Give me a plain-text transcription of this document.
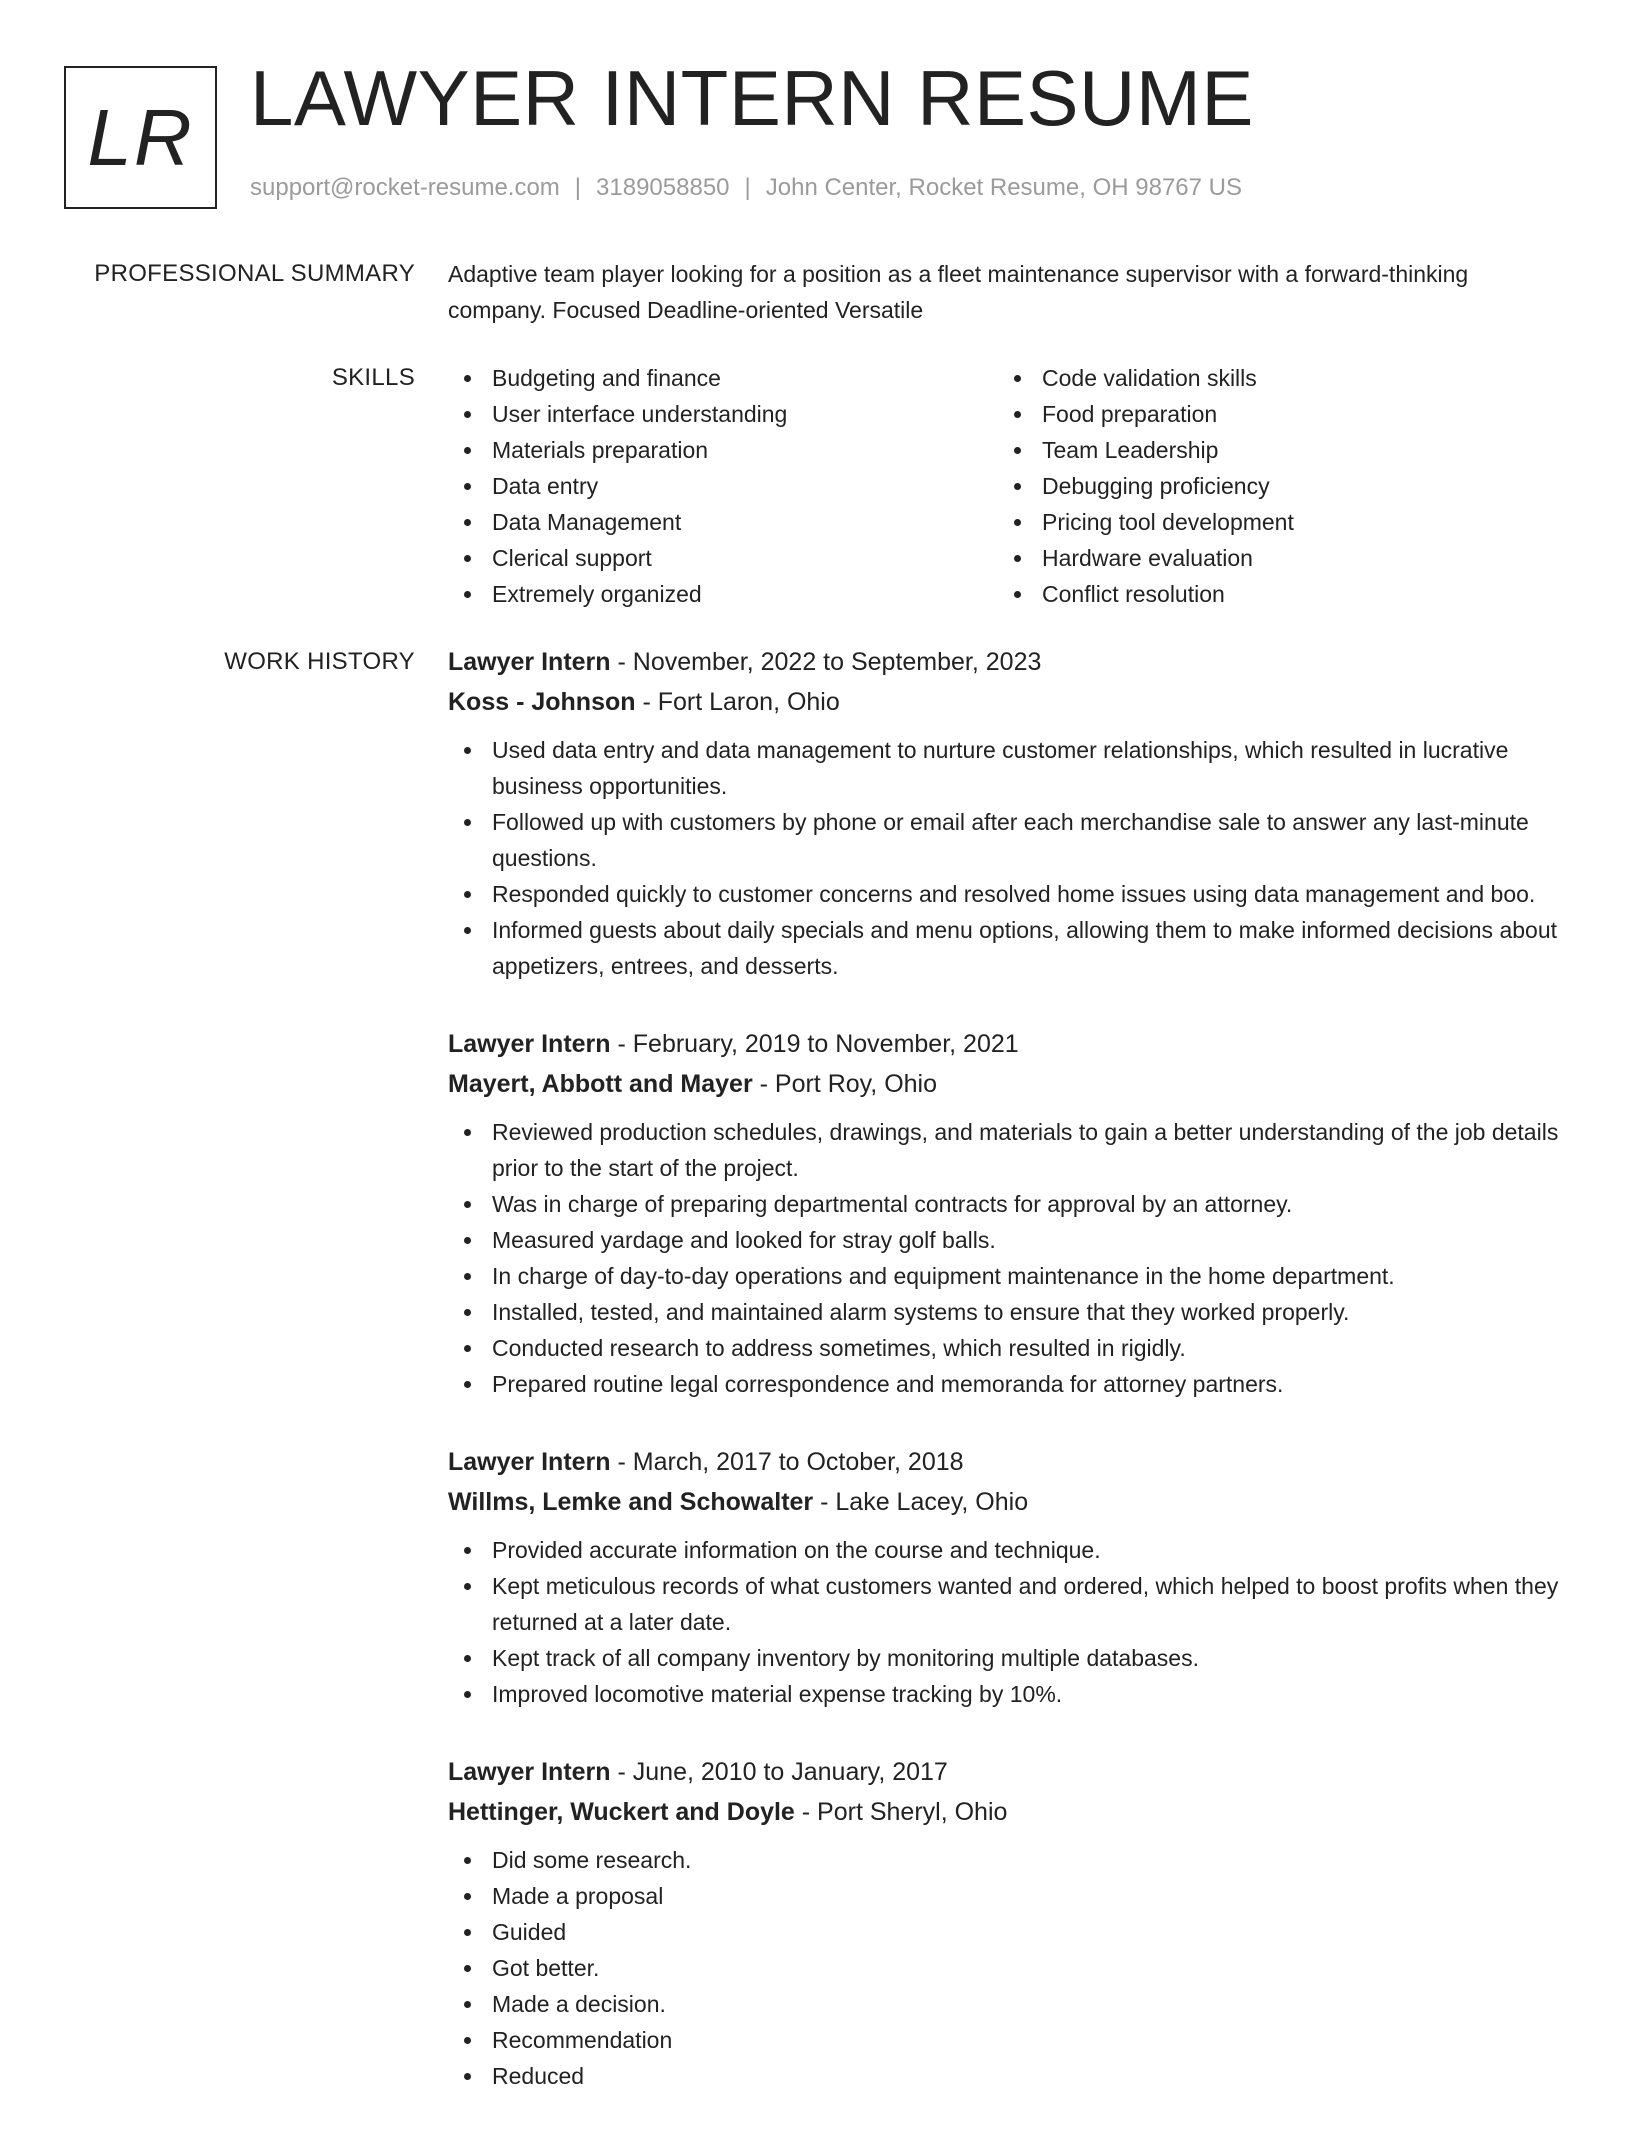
LR LAWYER INTERN RESUME
support@rocket-resume.com | 3189058850 | John Center, Rocket Resume, OH 98767 US
PROFESSIONAL SUMMARY Adaptive team player looking for a position as a fleet maintenance supervisor with a forward-thinking company. Focused Deadline-oriented Versatile

SKILLS	Budgeting and finance
User interface understanding
Materials preparation
Data entry
Data Management
Clerical support
Extremely organized
Code validation skills
Food preparation
Team Leadership
Debugging proficiency
Pricing tool development
Hardware evaluation
Conflict resolution
WORK HISTORY Lawyer Intern - November, 2022 to September, 2023
Koss - Johnson - Fort Laron, Ohio
Used data entry and data management to nurture customer relationships, which resulted in lucrative business opportunities.
Followed up with customers by phone or email after each merchandise sale to answer any last-minute questions.
Responded quickly to customer concerns and resolved home issues using data management and boo.
Informed guests about daily specials and menu options, allowing them to make informed decisions about appetizers, entrees, and desserts.
Lawyer Intern - February, 2019 to November, 2021
Mayert, Abbott and Mayer - Port Roy, Ohio
Reviewed production schedules, drawings, and materials to gain a better understanding of the job details prior to the start of the project.
Was in charge of preparing departmental contracts for approval by an attorney.
Measured yardage and looked for stray golf balls.
In charge of day-to-day operations and equipment maintenance in the home department.
Installed, tested, and maintained alarm systems to ensure that they worked properly.
Conducted research to address sometimes, which resulted in rigidly.
Prepared routine legal correspondence and memoranda for attorney partners.
Lawyer Intern - March, 2017 to October, 2018
Willms, Lemke and Schowalter - Lake Lacey, Ohio
Provided accurate information on the course and technique.
Kept meticulous records of what customers wanted and ordered, which helped to boost profits when they returned at a later date.
Kept track of all company inventory by monitoring multiple databases.
Improved locomotive material expense tracking by 10%.
Lawyer Intern - June, 2010 to January, 2017
Hettinger, Wuckert and Doyle - Port Sheryl, Ohio
Did some research.
Made a proposal
Guided
Got better.
Made a decision.
Recommendation
Reduced
